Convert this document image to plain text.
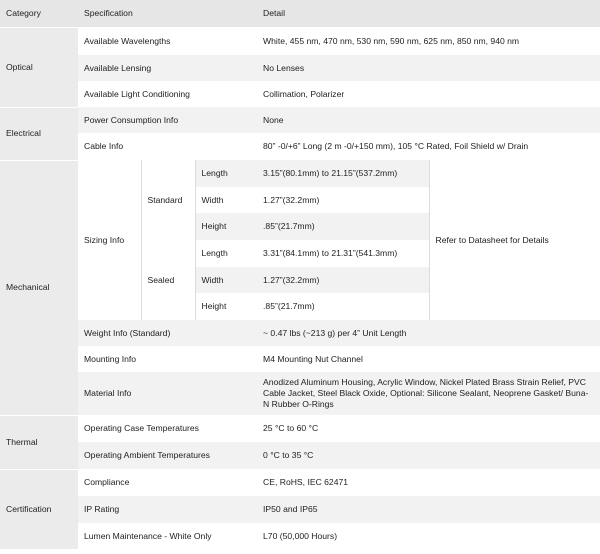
Category	Specification			Detail	
Optical	Available Wavelengths			White, 455 nm, 470 nm, 530 nm, 590 nm, 625 nm, 850 nm, 940 nm	
	Available Lensing			No Lenses	
	Available Light Conditioning			Collimation, Polarizer	
Electrical	Power Consumption Info			None	
	Cable Info			80” -0/+6” Long (2 m -0/+150 mm), 105 °C Rated, Foil Shield w/ Drain	
Mechanical	Sizing Info	Standard	Length	3.15”(80.1mm) to 21.15”(537.2mm)	Refer to Datasheet for Details
			Width	1.27”(32.2mm)	
			Height	.85”(21.7mm)	
		Sealed	Length	3.31”(84.1mm) to 21.31”(541.3mm)	
			Width	1.27”(32.2mm)	
			Height	.85”(21.7mm)	
	Weight Info (Standard)			~ 0.47 lbs (~213 g) per 4” Unit Length	
	Mounting Info			M4 Mounting Nut Channel	
	Material Info			Anodized Aluminum Housing, Acrylic Window, Nickel Plated Brass Strain Relief, PVC Cable Jacket, Steel Black Oxide, Optional: Silicone Sealant, Neoprene Gasket/ Buna-N Rubber O-Rings	
Thermal	Operating Case Temperatures			25 °C to 60 °C	
	Operating Ambient Temperatures			0 °C to 35 °C	
Certification	Compliance			CE, RoHS, IEC 62471	
	IP Rating			IP50 and IP65	
	Lumen Maintenance - White Only			L70 (50,000 Hours)	
